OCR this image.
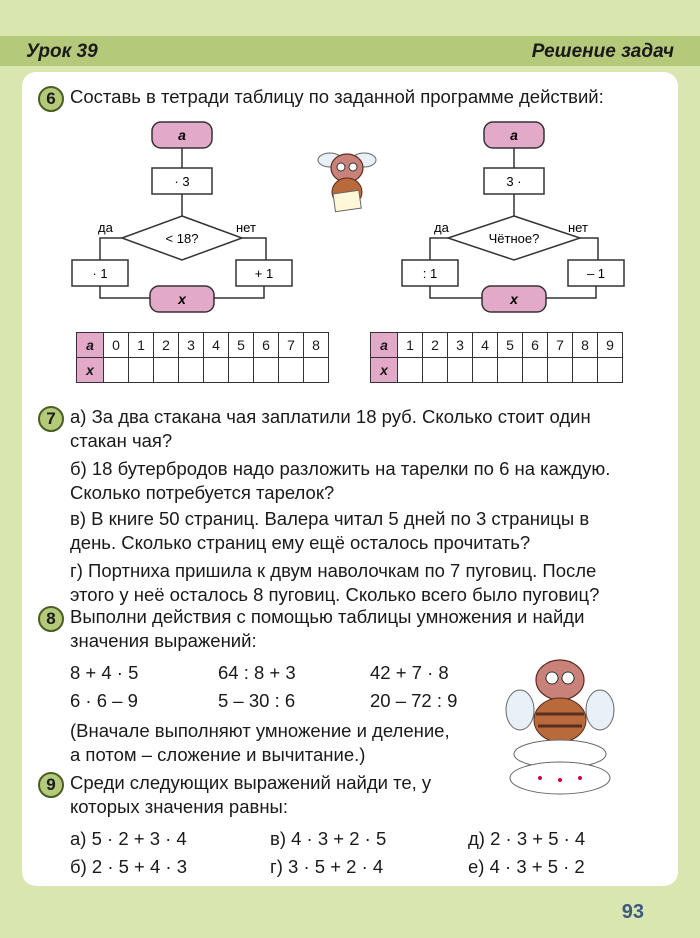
Урок 39	Решение задач
6 Составь в тетради таблицу по заданной программе действий:
a
· 3
< 18?
да	нет
· 1	+ 1
x
a
3 ·
Чётное?
да	нет
: 1	– 1
x
a	0	1	2	3	4	5	6	7	8
x									
a	1	2	3	4	5	6	7	8	9
x									
7 а) За два стакана чая заплатили 18 руб. Сколько стоит один
стакан чая?
б) 18 бутербродов надо разложить на тарелки по 6 на каждую.
Сколько потребуется тарелок?
в) В книге 50 страниц. Валера читал 5 дней по 3 страницы в
день. Сколько страниц ему ещё осталось прочитать?
г) Портниха пришила к двум наволочкам по 7 пуговиц. После
этого у неё осталось 8 пуговиц. Сколько всего было пуговиц?
8 Выполни действия с помощью таблицы умножения и найди
значения выражений:
8 + 4 · 5	64 : 8 + 3	42 + 7 · 8
6 · 6 – 9	5 – 30 : 6	20 – 72 : 9
(Вначале выполняют умножение и деление,
а потом – сложение и вычитание.)
9 Среди следующих выражений найди те, у
которых значения равны:
а) 5 · 2 + 3 · 4	в) 4 · 3 + 2 · 5	д) 2 · 3 + 5 · 4
б) 2 · 5 + 4 · 3	г) 3 · 5 + 2 · 4	е) 4 · 3 + 5 · 2
93
